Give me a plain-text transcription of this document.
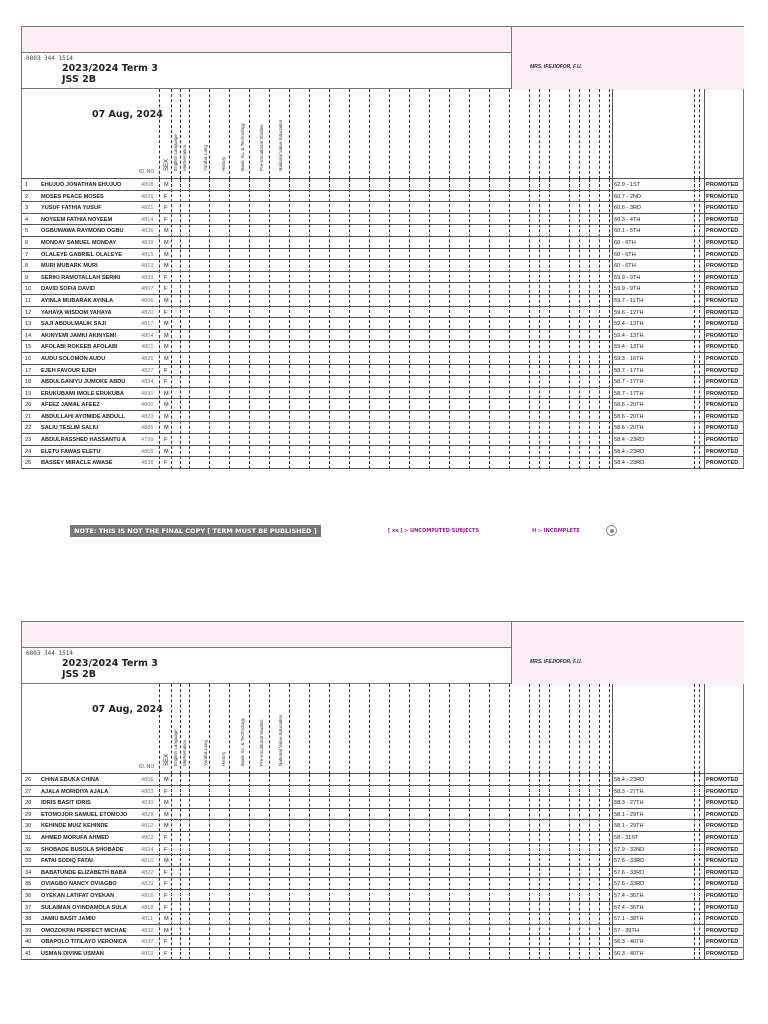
MRS. IFEJIOFOR, F.U.
0803 344 1514
2023/2024 Term 3
JSS 2B
07 Aug, 2024
ID. NO
SEX English Language Mathematics	Yoruba Lang	History	Basic Sc. & Technology	Pre-Vocational Studies	National Value Education
1 EHUJUO JONATHAN EHUJUO	4808 M	62.9 - 1ST	PROMOTED
2 MOSES PEACE MOSES	4826 F	60.7 - 2ND	PROMOTED
3 YUSUF FATHIA YUSUF	4821 F	60.6 - 3RD	PROMOTED
4 NOYEEM FATHIA NOYEEM	4814 F	60.3 - 4TH	PROMOTED
5 OGBUWAWA RAYMOND OGBU	4836 M	60.1 - 5TH	PROMOTED
6 MONDAY SAMUEL MONDAY	4839 M	60 - 6TH	PROMOTED
7 OLALEYE GABRIEL OLALEYE	4815 M	60 - 6TH	PROMOTED
8 MURI MUBARK MURI	4813 M	60 - 6TH	PROMOTED
9 SERIKI RAMOTALLAH SERIKI	4833 F	59.9 - 9TH	PROMOTED
10 DAVID SOFIA DAVID	4807 F	59.9 - 9TH	PROMOTED
11 AYINLA MUBARAK AYINLA	4806 M	59.7 - 11TH	PROMOTED
12 YAHAYA WISDOM YAHAYA	4820 F	59.6 - 12TH	PROMOTED
13 SAJI ABDULMALIK SAJI	4817 M	59.4 - 13TH	PROMOTED
14 AKINYEMI JAMIU AKINYEMI	4804 M	59.4 - 13TH	PROMOTED
15 AFOLABI ROKEEB AFOLABI	4801 M	59.4 - 13TH	PROMOTED
16 AUDU SOLOMON AUDU	4825 M	59.3 - 16TH	PROMOTED
17 EJEH FAVOUR EJEH	4827 F	58.7 - 17TH	PROMOTED
18 ABDULGANIYU JUMOKE ABDU	4834 F	58.7 - 17TH	PROMOTED
19 ERUKUBAMI IMOLE ERUKUBA	4831 M	58.7 - 17TH	PROMOTED
20 AFEEZ JAMAL AFEEZ	4800 M	58.6 - 20TH	PROMOTED
21 ABDULLAHI AYOMIDE ABDULL	4823 M	58.6 - 20TH	PROMOTED
22 SALIU TESLIM SALIU	4835 M	58.6 - 20TH	PROMOTED
23 ABDULRASSHED HASSANTU A	4799 F	58.4 - 23RD	PROMOTED
24 ELETU FAWAS ELETU	4809 M	58.4 - 23RD	PROMOTED
25 BASSEY MIRACLE AWASE	4838 F	58.4 - 23RD	PROMOTED
NOTE: THIS IS NOT THE FINAL COPY [ TERM MUST BE PUBLISHED ]	[ xx ] :- UNCOMPUTED SUBJECTS	H :- INCOMPLETE
MRS. IFEJIOFOR, F.U.
0803 344 1514
2023/2024 Term 3
JSS 2B
07 Aug, 2024
ID. NO
SEX English Language Mathematics	Yoruba Lang	History	Basic Sc. & Technology	Pre-Vocational Studies	National Value Education
26 CHINA EBUKA CHINA	4806 M	58.4 - 23RD	PROMOTED
27 AJALA MORIDIYA AJALA	4803 F	58.3 - 27TH	PROMOTED
28 IDRIS BASIT IDRIS	4830 M	58.3 - 27TH	PROMOTED
29 ETOMOJOR SAMUEL ETOMOJO	4828 M	58.1 - 29TH	PROMOTED
30 KEHINDE MUIZ KEHINDE	4812 M	58.1 - 29TH	PROMOTED
31 AHMED MORUFA AHMED	4802 F	58 - 31ST	PROMOTED
32 SHOBADE BUSOLA SHOBADE	4824 F	57.9 - 32ND	PROMOTED
33 FATAI SODIQ FATAI	4810 M	57.6 - 33RD	PROMOTED
34 BABATUNDE ELIZABETH BABA	4822 F	57.6 - 33RD	PROMOTED
35 OVIAGBO NANCY OVIAGBO	4829 F	57.6 - 33RD	PROMOTED
36 OYEKAN LATIFAT OYEKAN	4816 F	57.4 - 36TH	PROMOTED
37 SULAIMAN OYINDAMOLA SULA	4818 F	57.4 - 36TH	PROMOTED
38 JAMIU BASIT JAMIU	4811 M	57.1 - 38TH	PROMOTED
39 OMOZOKPAI PERFECT MICHAE	4832 M	57 - 39TH	PROMOTED
40 OBAPOLO TITILAYO VERONICA	4837 F	56.3 - 40TH	PROMOTED
41 USMAN DIVINE USMAN	4819 F	56.3 - 40TH	PROMOTED
